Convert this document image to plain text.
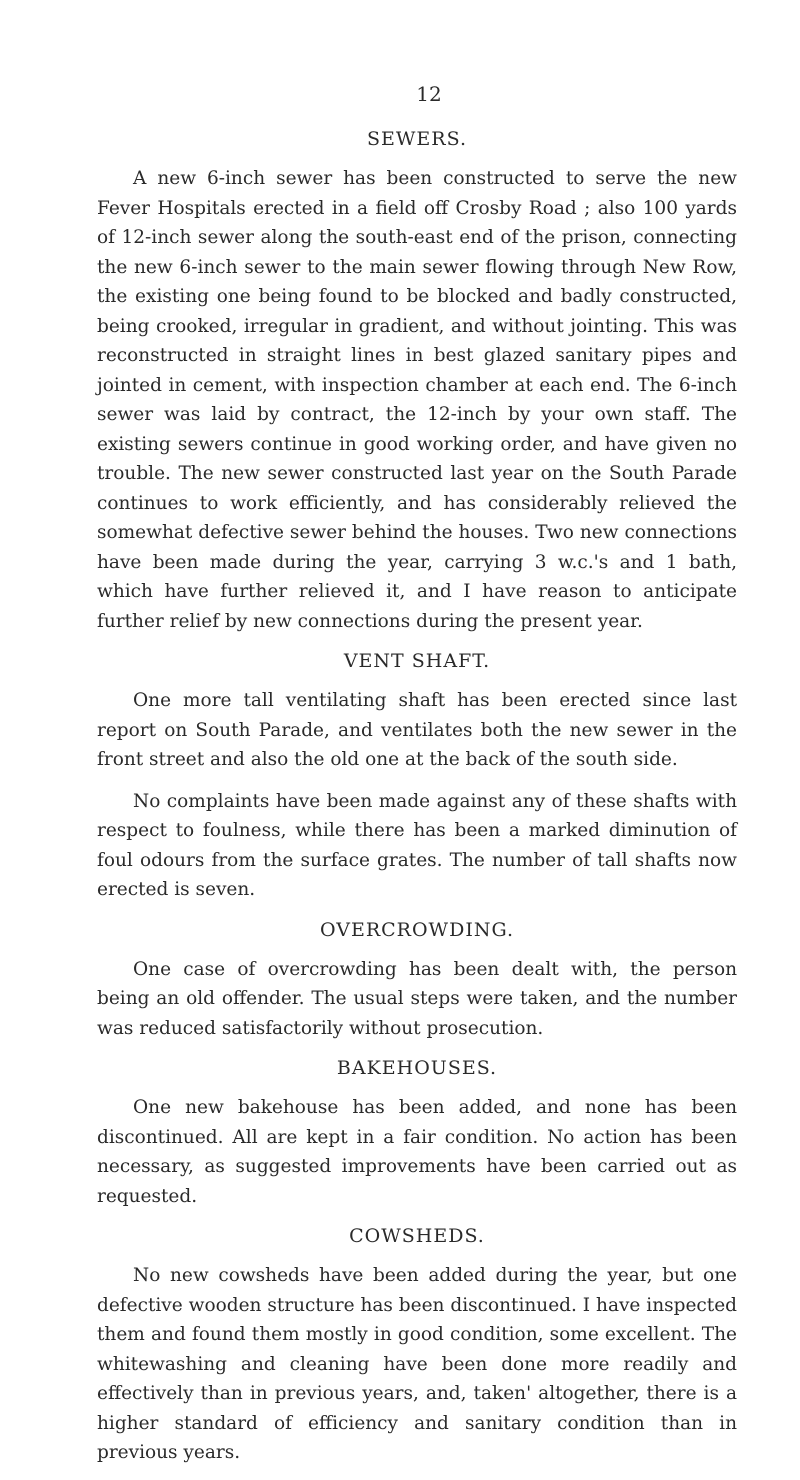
12
SEWERS.

A new 6-inch sewer has been constructed to serve the new Fever Hospitals erected in a field off Crosby Road ; also 100 yards of 12-inch sewer along the south-east end of the prison, connecting the new 6-inch sewer to the main sewer flowing through New Row, the existing one being found to be blocked and badly constructed, being crooked, irregular in gradient, and without jointing. This was reconstructed in straight lines in best glazed sanitary pipes and jointed in cement, with inspection chamber at each end. The 6-inch sewer was laid by contract, the 12-inch by your own staff. The existing sewers continue in good working order, and have given no trouble. The new sewer constructed last year on the South Parade continues to work efficiently, and has considerably relieved the somewhat defective sewer behind the houses. Two new connections have been made during the year, carrying 3 w.c.'s and 1 bath, which have further relieved it, and I have reason to anticipate further relief by new connections during the present year.

VENT SHAFT.

One more tall ventilating shaft has been erected since last report on South Parade, and ventilates both the new sewer in the front street and also the old one at the back of the south side.

No complaints have been made against any of these shafts with respect to foulness, while there has been a marked diminution of foul odours from the surface grates. The number of tall shafts now erected is seven.

OVERCROWDING.

One case of overcrowding has been dealt with, the person being an old offender. The usual steps were taken, and the number was reduced satisfactorily without prosecution.

BAKEHOUSES.

One new bakehouse has been added, and none has been discontinued. All are kept in a fair condition. No action has been necessary, as suggested improvements have been carried out as requested.

COWSHEDS.

No new cowsheds have been added during the year, but one defective wooden structure has been discontinued. I have inspected them and found them mostly in good condition, some excellent. The whitewashing and cleaning have been done more readily and effectively than in previous years, and, taken' altogether, there is a higher standard of efficiency and sanitary condition than in previous years.
